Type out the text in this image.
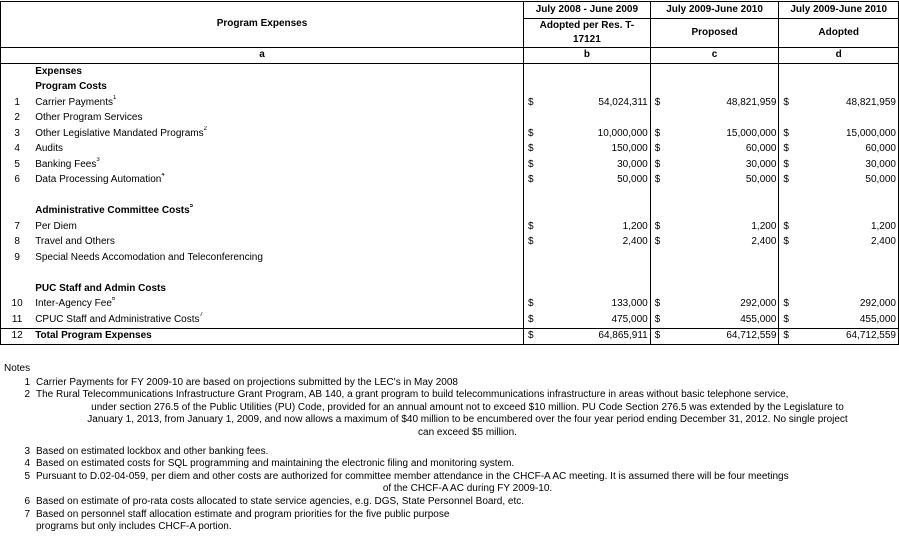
Program Expenses		July 2008 - June 2009		July 2009-June 2010		July 2009-June 2010	
		Adopted per Res. T-17121		Proposed		Adopted	

a		b		c		d	
	Expenses						
	Program Costs						
1	Carrier Payments$^1$	$	54,024,311	$	48,821,959	$	48,821,959
2	Other Program Services						
3	Other Legislative Mandated Programs$^2$	$	10,000,000	$	15,000,000	$	15,000,000
4	Audits	$	150,000	$	60,000	$	60,000
5	Banking Fees$^3$	$	30,000	$	30,000	$	30,000
6	Data Processing Automation$^4$	$	50,000	$	50,000	$	50,000

	Administrative Committee Costs$^5$			
7	Per Diem	$	1,200	$	1,200	$	1,200
8	Travel and Others	$	2,400	$	2,400	$	2,400
9	Special Needs Accomodation and Teleconferencing						

	PUC Staff and Admin Costs						
10	Inter-Agency Fee$^6$	$	133,000	$	292,000	$	292,000
11	CPUC Staff and Administrative Costs$^7$	$	475,000	$	455,000	$	455,000
12	Total Program Expenses	$	64,865,911	$	64,712,559	$	64,712,559
Notes
1 Carrier Payments for FY 2009-10 are based on projections submitted by the LEC's in May 2008
2 The Rural Telecommunications Infrastructure Grant Program, AB 140, a grant program to build telecommunications infrastructure in areas without basic telephone service,
under section 276.5 of the Public Utilities (PU) Code, provided for an annual amount not to exceed $10 million. PU Code Section 276.5 was extended by the Legislature to
January 1, 2013, from January 1, 2009, and now allows a maximum of $40 million to be encumbered over the four year period ending December 31, 2012. No single project
can exceed $5 million.
3 Based on estimated lockbox and other banking fees.
4 Based on estimated costs for SQL programming and maintaining the electronic filing and monitoring system.
5 Pursuant to D.02-04-059, per diem and other costs are authorized for committee member attendance in the CHCF-A AC meeting. It is assumed there will be four meetings
of the CHCF-A AC during FY 2009-10.
6 Based on estimate of pro-rata costs allocated to state service agencies, e.g. DGS, State Personnel Board, etc.
7 Based on personnel staff allocation estimate and program priorities for the five public purpose
programs but only includes CHCF-A portion.
